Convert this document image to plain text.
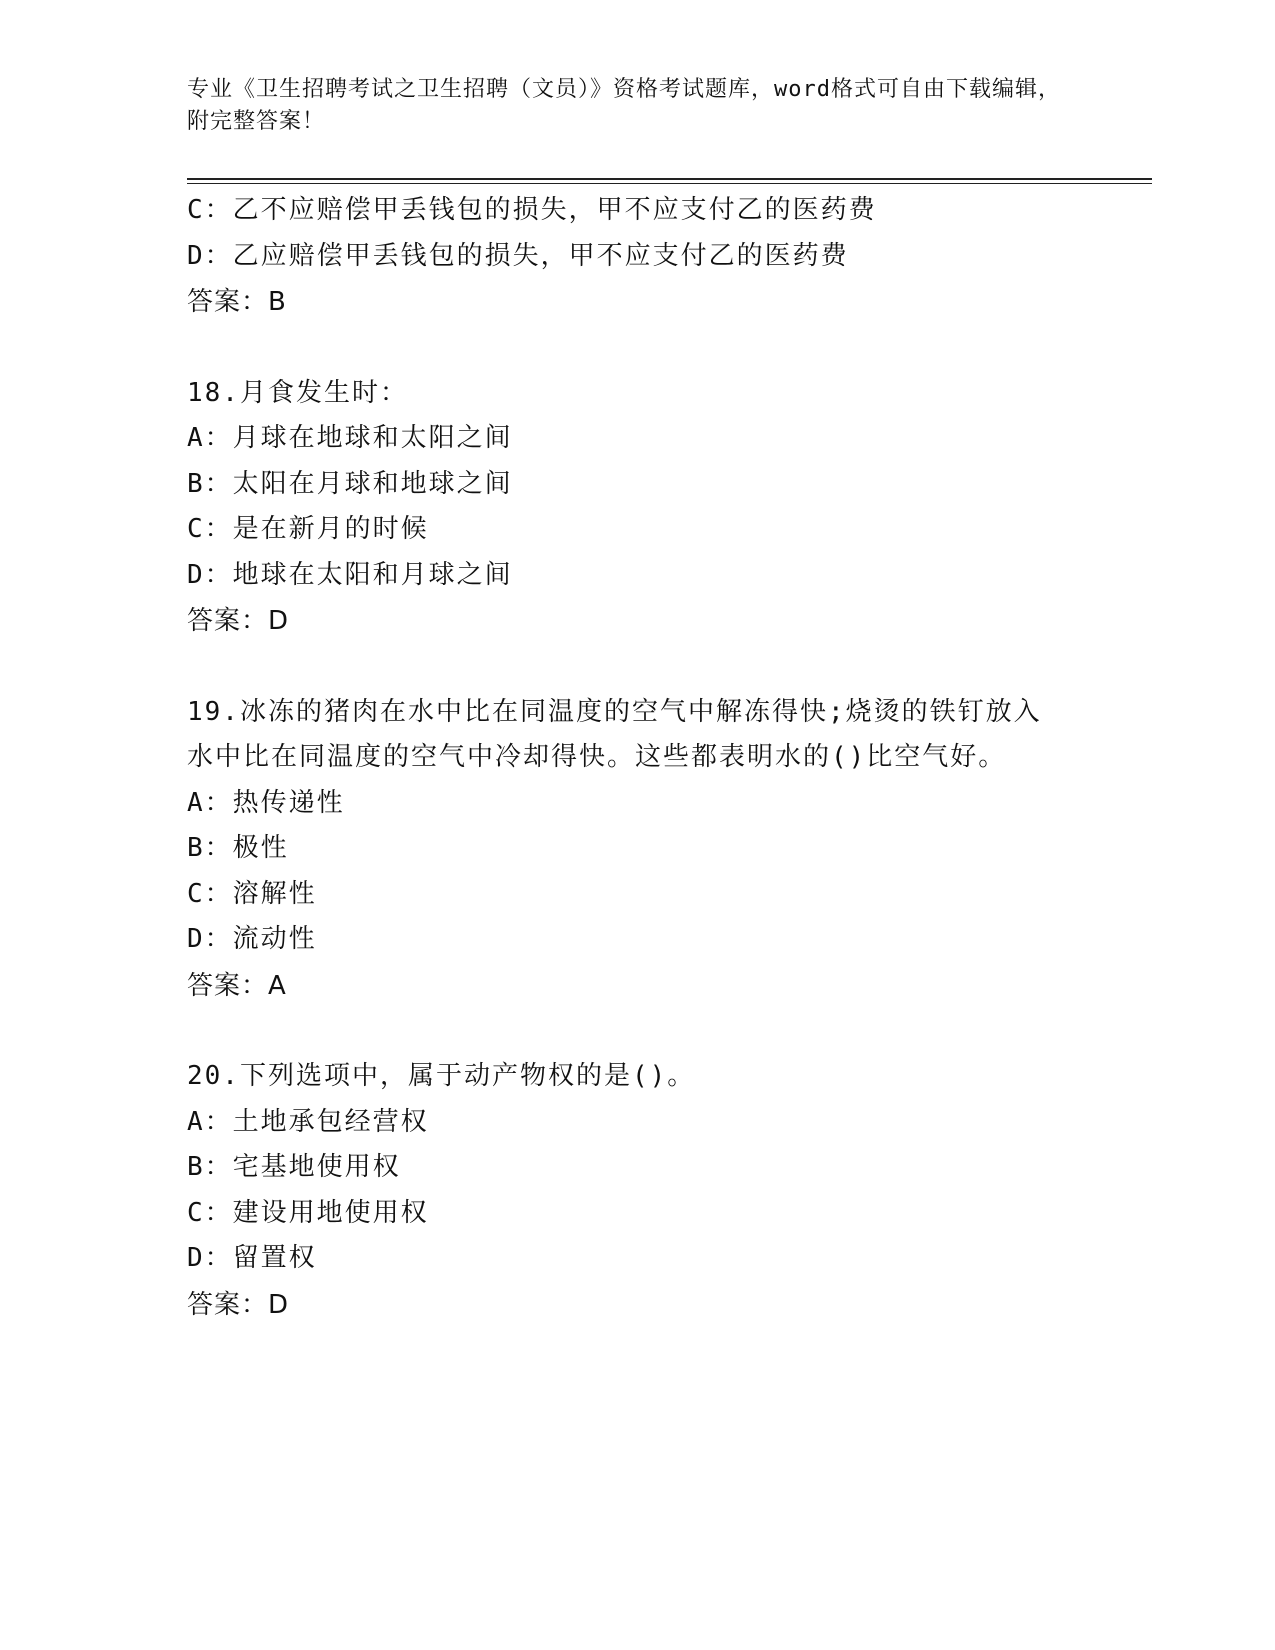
专业《卫生招聘考试之卫生招聘（文员）》资格考试题库，word格式可自由下载编辑，附完整答案！
C：乙不应赔偿甲丢钱包的损失，甲不应支付乙的医药费
D：乙应赔偿甲丢钱包的损失，甲不应支付乙的医药费
答案：B
18.月食发生时：
A：月球在地球和太阳之间
B：太阳在月球和地球之间
C：是在新月的时候
D：地球在太阳和月球之间
答案：D
19.冰冻的猪肉在水中比在同温度的空气中解冻得快;烧烫的铁钉放入水中比在同温度的空气中冷却得快。这些都表明水的()比空气好。
A：热传递性
B：极性
C：溶解性
D：流动性
答案：A
20.下列选项中，属于动产物权的是()。
A：土地承包经营权
B：宅基地使用权
C：建设用地使用权
D：留置权
答案：D
